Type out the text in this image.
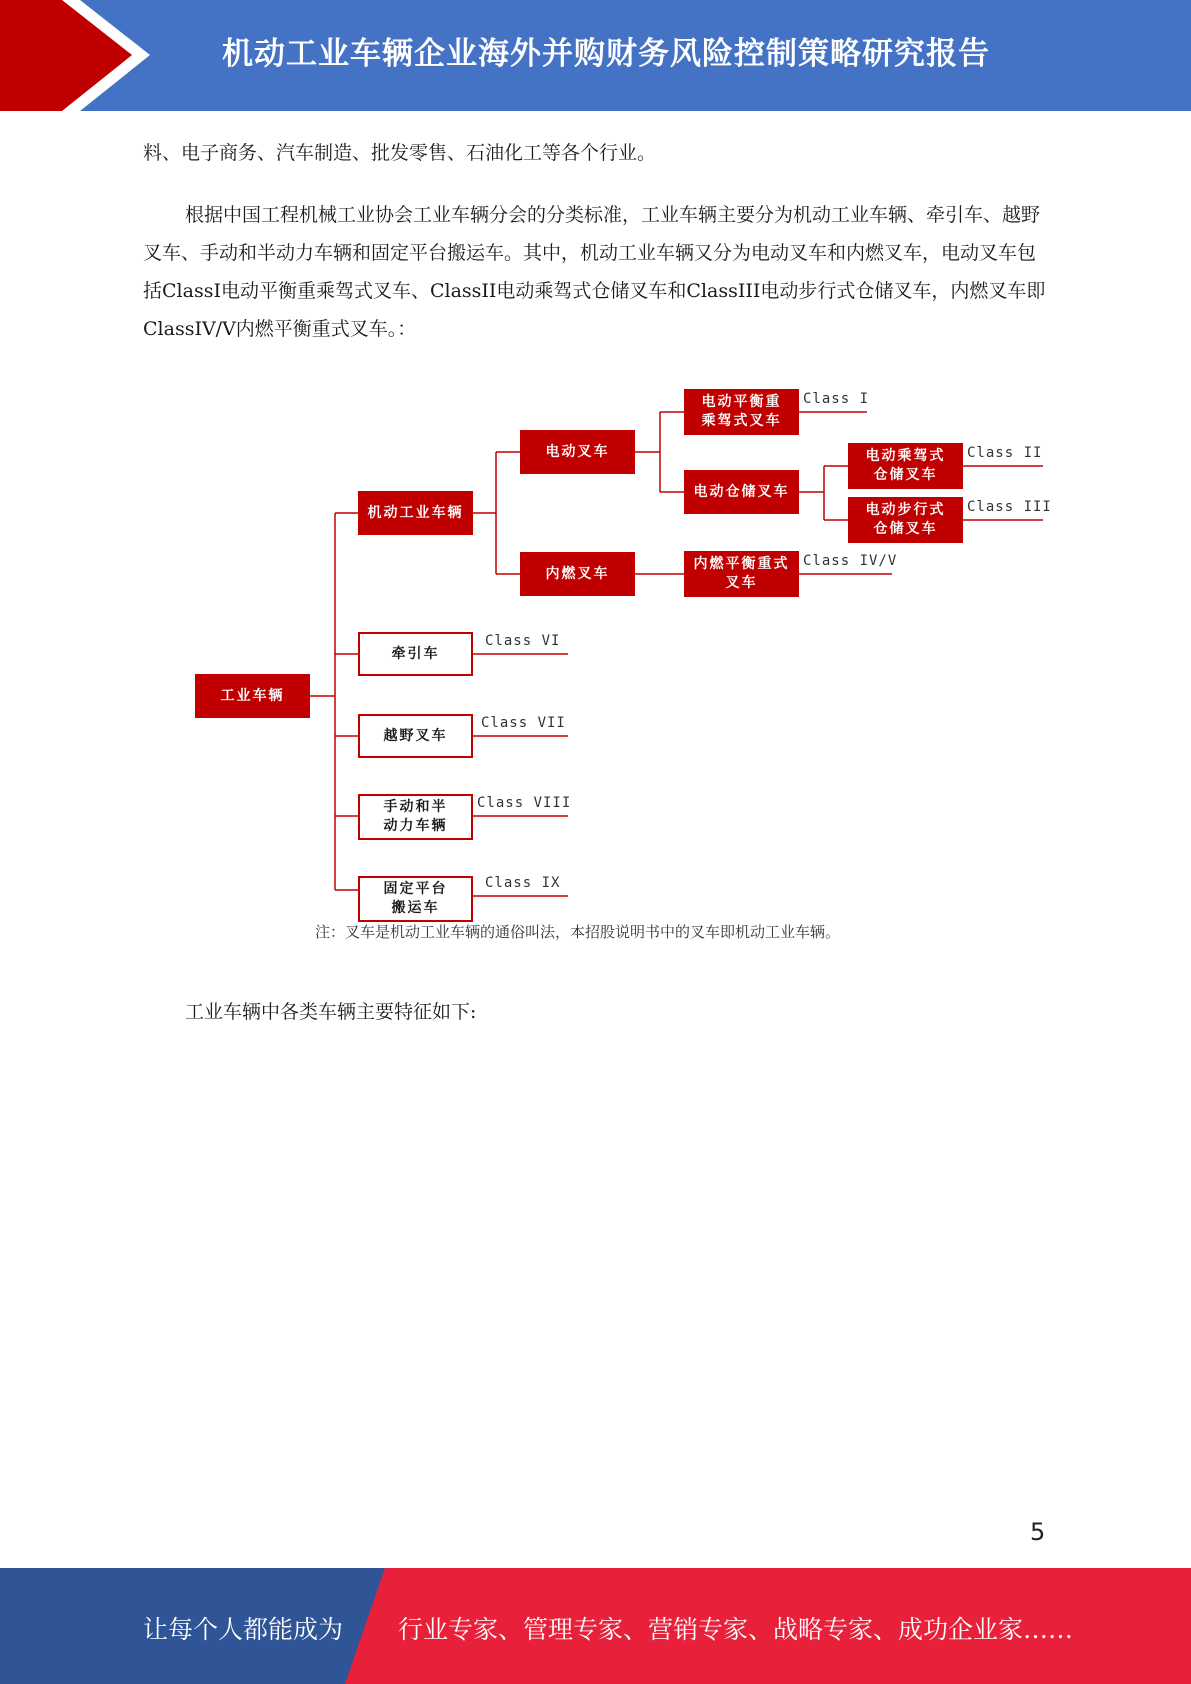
机动工业车辆企业海外并购财务风险控制策略研究报告

料、电子商务、汽车制造、批发零售、石油化工等各个行业。

根据中国工程机械工业协会工业车辆分会的分类标准，工业车辆主要分为机动工业车辆、牵引车、越野叉车、手动和半动力车辆和固定平台搬运车。其中，机动工业车辆又分为电动叉车和内燃叉车，电动叉车包括ClassI电动平衡重乘驾式叉车、ClassII电动乘驾式仓储叉车和ClassIII电动步行式仓储叉车，内燃叉车即ClassIV/V内燃平衡重式叉车。：

工业车辆
机动工业车辆
电动叉车
内燃叉车
电动平衡重
乘驾式叉车
电动仓储叉车
电动乘驾式
仓储叉车
电动步行式
仓储叉车
内燃平衡重式
叉车
牵引车
越野叉车
手动和半
动力车辆
固定平台
搬运车
Class I
Class II
Class III
Class IV/V
Class VI
Class VII
Class VIII
Class IX
注：叉车是机动工业车辆的通俗叫法，本招股说明书中的叉车即机动工业车辆。

工业车辆中各类车辆主要特征如下:

5
让每个人都能成为 行业专家、管理专家、营销专家、战略专家、成功企业家……
